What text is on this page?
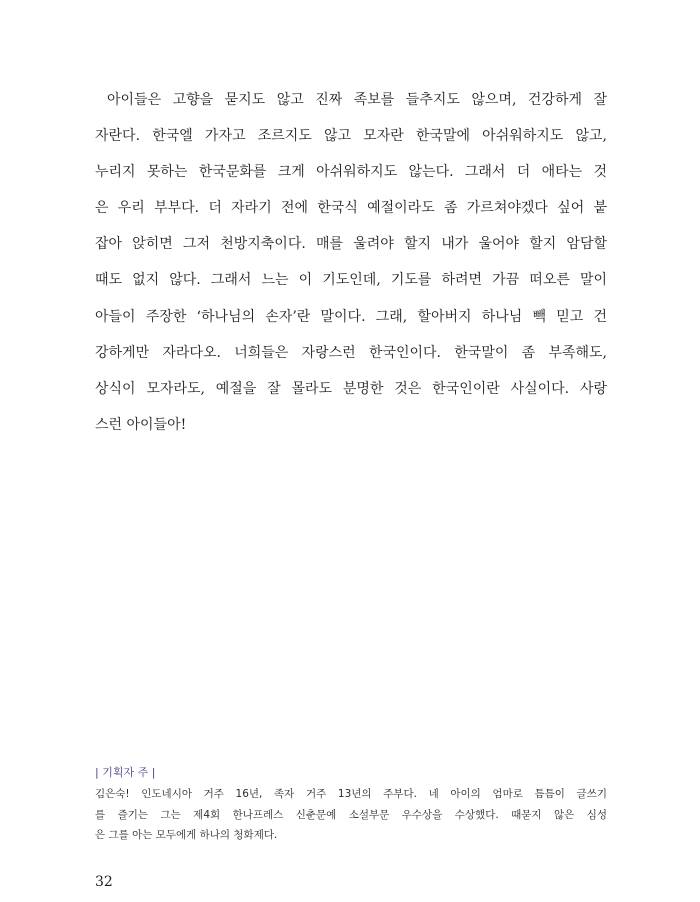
아이들은 고향을 묻지도 않고 진짜 족보를 들추지도 않으며, 건강하게 잘
자란다. 한국엘 가자고 조르지도 않고 모자란 한국말에 아쉬워하지도 않고,
누리지 못하는 한국문화를 크게 아쉬워하지도 않는다. 그래서 더 애타는 것
은 우리 부부다. 더 자라기 전에 한국식 예절이라도 좀 가르쳐야겠다 싶어 붙
잡아 앉히면 그저 천방지축이다. 매를 울려야 할지 내가 울어야 할지 암담할
때도 없지 않다. 그래서 느는 이 기도인데, 기도를 하려면 가끔 떠오른 말이
아들이 주장한 ‘하나님의 손자’란 말이다. 그래, 할아버지 하나님 빽 믿고 건
강하게만 자라다오. 너희들은 자랑스런 한국인이다. 한국말이 좀 부족해도,
상식이 모자라도, 예절을 잘 몰라도 분명한 것은 한국인이란 사실이다. 사랑
스런 아이들아!
| 기획자 주 |
김은숙! 인도네시아 거주 16년, 족자 거주 13년의 주부다. 네 아이의 엄마로 틈틈이 글쓰기
를 즐기는 그는 제4회 한나프레스 신춘문예 소설부문 우수상을 수상했다. 때묻지 않은 심성
은 그를 아는 모두에게 하나의 청화제다.
32
